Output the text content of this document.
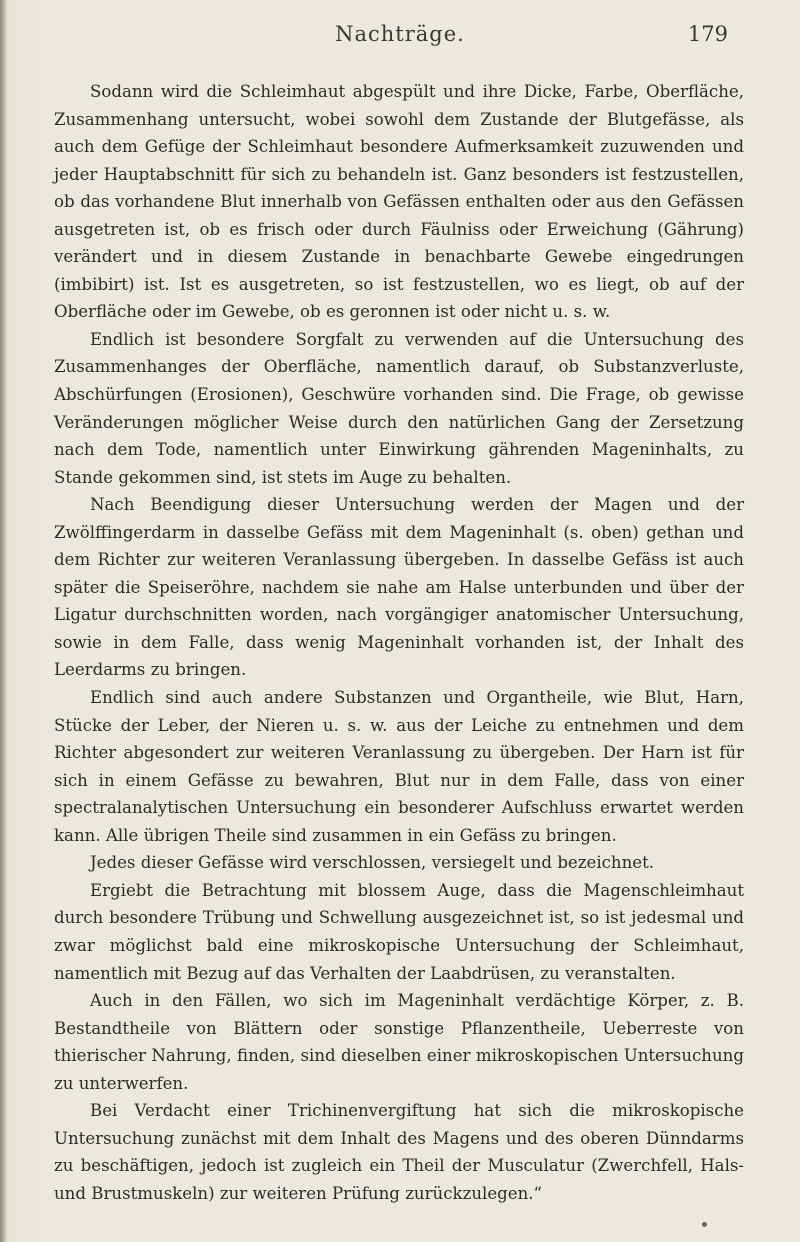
Nachträge.	179

Sodann wird die Schleimhaut abgespült und ihre Dicke, Farbe, Oberfläche, Zusammenhang untersucht, wobei sowohl dem Zustande der Blutgefässe, als auch dem Gefüge der Schleimhaut besondere Aufmerksamkeit zuzuwenden und jeder Hauptabschnitt für sich zu behandeln ist. Ganz besonders ist festzustellen, ob das vorhandene Blut innerhalb von Gefässen enthalten oder aus den Gefässen ausgetreten ist, ob es frisch oder durch Fäulniss oder Erweichung (Gährung) verändert und in diesem Zustande in benachbarte Gewebe eingedrungen (imbibirt) ist. Ist es ausgetreten, so ist festzustellen, wo es liegt, ob auf der Oberfläche oder im Gewebe, ob es geronnen ist oder nicht u. s. w.

Endlich ist besondere Sorgfalt zu verwenden auf die Untersuchung des Zusammenhanges der Oberfläche, namentlich darauf, ob Substanzverluste, Abschürfungen (Erosionen), Geschwüre vorhanden sind. Die Frage, ob gewisse Veränderungen möglicher Weise durch den natürlichen Gang der Zersetzung nach dem Tode, namentlich unter Einwirkung gährenden Mageninhalts, zu Stande gekommen sind, ist stets im Auge zu behalten.

Nach Beendigung dieser Untersuchung werden der Magen und der Zwölffingerdarm in dasselbe Gefäss mit dem Mageninhalt (s. oben) gethan und dem Richter zur weiteren Veranlassung übergeben. In dasselbe Gefäss ist auch später die Speiseröhre, nachdem sie nahe am Halse unterbunden und über der Ligatur durchschnitten worden, nach vorgängiger anatomischer Untersuchung, sowie in dem Falle, dass wenig Mageninhalt vorhanden ist, der Inhalt des Leerdarms zu bringen.

Endlich sind auch andere Substanzen und Organtheile, wie Blut, Harn, Stücke der Leber, der Nieren u. s. w. aus der Leiche zu entnehmen und dem Richter abgesondert zur weiteren Veranlassung zu übergeben. Der Harn ist für sich in einem Gefässe zu bewahren, Blut nur in dem Falle, dass von einer spectralanalytischen Untersuchung ein besonderer Aufschluss erwartet werden kann. Alle übrigen Theile sind zusammen in ein Gefäss zu bringen.

Jedes dieser Gefässe wird verschlossen, versiegelt und bezeichnet.

Ergiebt die Betrachtung mit blossem Auge, dass die Magenschleimhaut durch besondere Trübung und Schwellung ausgezeichnet ist, so ist jedesmal und zwar möglichst bald eine mikroskopische Untersuchung der Schleimhaut, namentlich mit Bezug auf das Verhalten der Laabdrüsen, zu veranstalten.

Auch in den Fällen, wo sich im Mageninhalt verdächtige Körper, z. B. Bestandtheile von Blättern oder sonstige Pflanzentheile, Ueberreste von thierischer Nahrung, finden, sind dieselben einer mikroskopischen Untersuchung zu unterwerfen.

Bei Verdacht einer Trichinenvergiftung hat sich die mikroskopische Untersuchung zunächst mit dem Inhalt des Magens und des oberen Dünndarms zu beschäftigen, jedoch ist zugleich ein Theil der Musculatur (Zwerchfell, Hals- und Brustmuskeln) zur weiteren Prüfung zurückzulegen.“
